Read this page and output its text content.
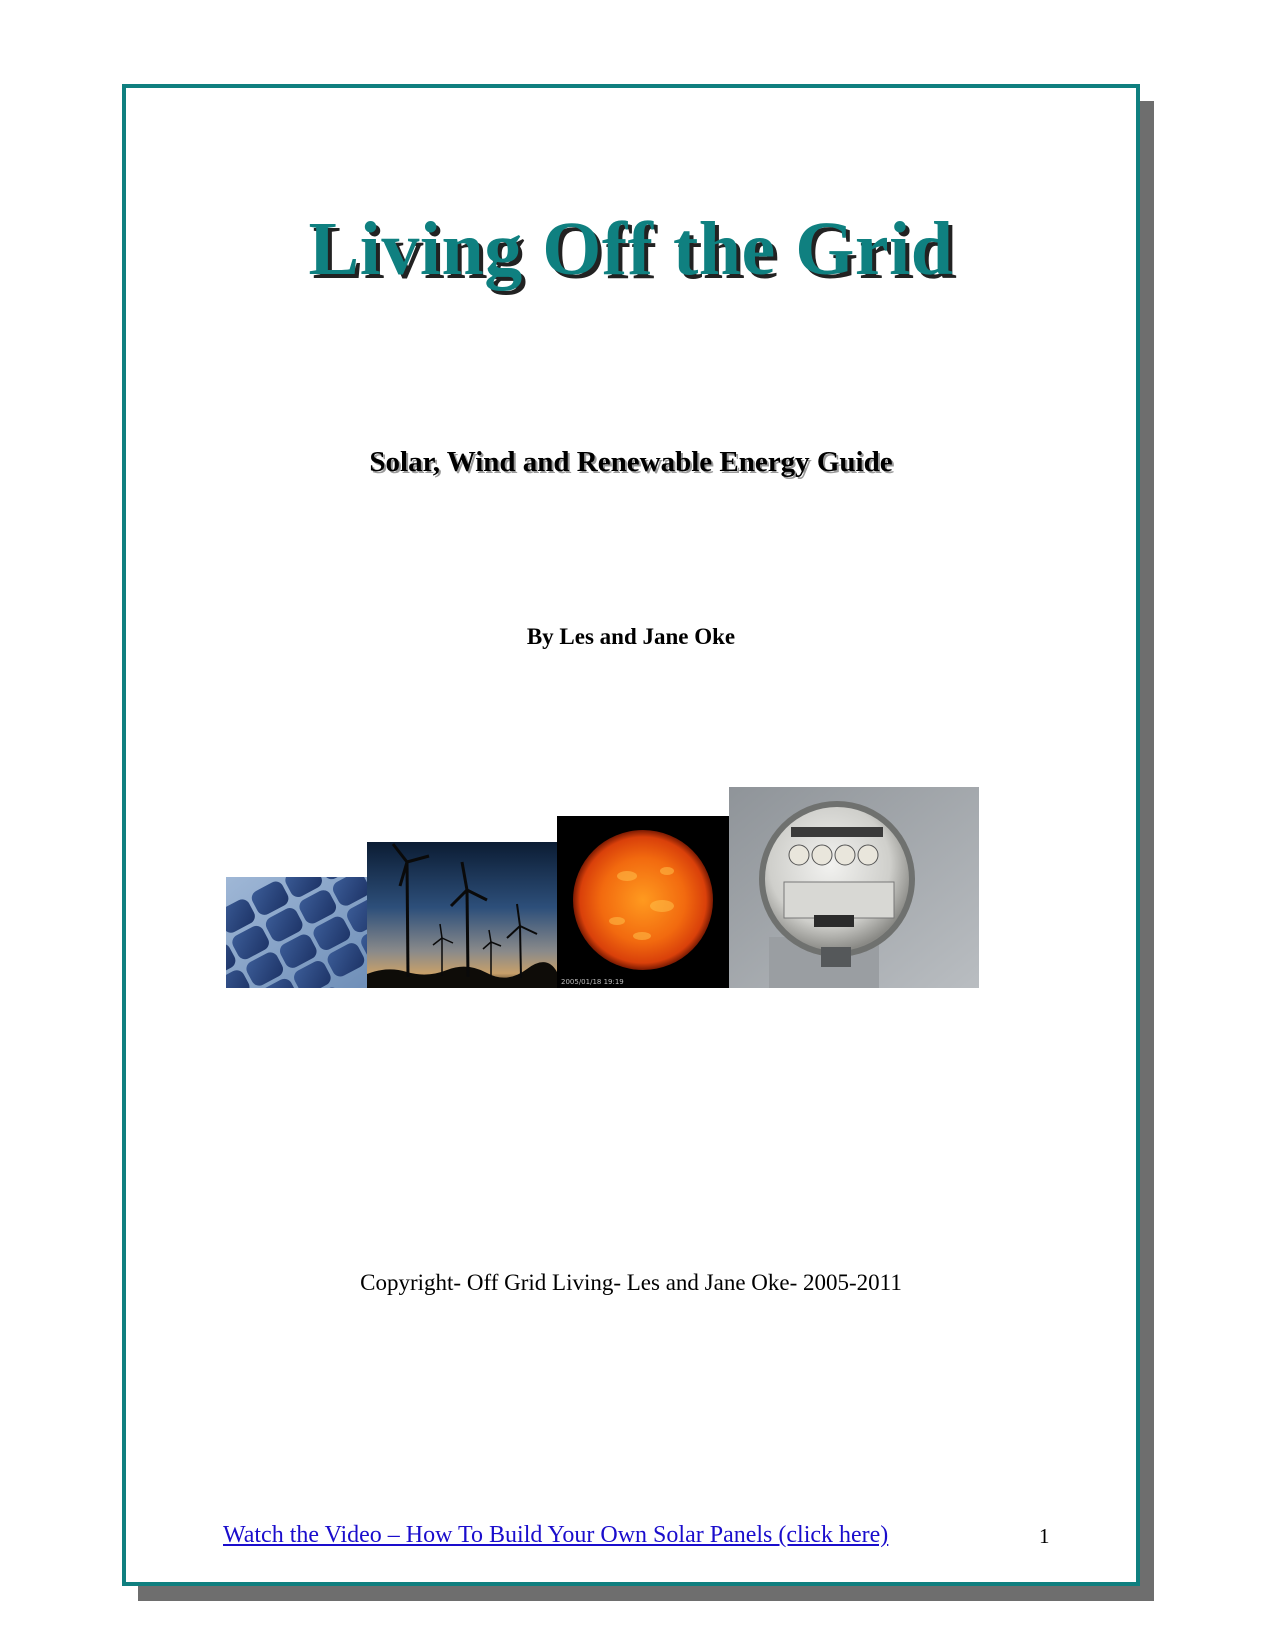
Living Off the Grid
Solar, Wind and Renewable Energy Guide
By Les and Jane Oke
2005/01/18 19:19
Copyright- Off Grid Living- Les and Jane Oke- 2005-2011
Watch the Video – How To Build Your Own Solar Panels (click here)	1
